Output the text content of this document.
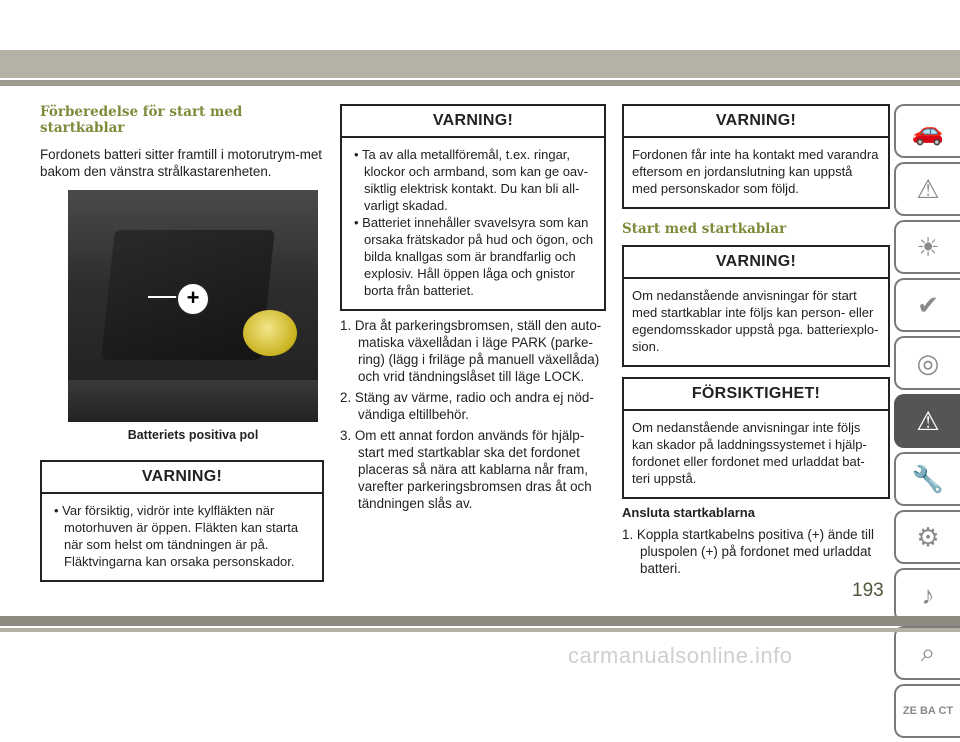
Förberedelse för start med startkablar

Fordonets batteri sitter framtill i motorutrym-met bakom den vänstra strålkastarenheten.

+
Batteriets positiva pol
VARNING!
• Var försiktig, vidrör inte kylfläkten när motorhuven är öppen. Fläkten kan starta när som helst om tändningen är på. Fläktvingarna kan orsaka personskador.
VARNING!
• Ta av alla metallföremål, t.ex. ringar, klockor och armband, som kan ge oav-siktlig elektrisk kontakt. Du kan bli all-varligt skadad.
• Batteriet innehåller svavelsyra som kan orsaka frätskador på hud och ögon, och bilda knallgas som är brandfarlig och explosiv. Håll öppen låga och gnistor borta från batteriet.
1. Dra åt parkeringsbromsen, ställ den auto-matiska växellådan i läge PARK (parke-ring) (lägg i friläge på manuell växellåda) och vrid tändningslåset till läge LOCK.
2. Stäng av värme, radio och andra ej nöd-vändiga eltillbehör.
3. Om ett annat fordon används för hjälp-start med startkablar ska det fordonet placeras så nära att kablarna når fram, varefter parkeringsbromsen dras åt och tändningen slås av.
VARNING!
Fordonen får inte ha kontakt med varandra eftersom en jordanslutning kan uppstå med personskador som följd.
Start med startkablar
VARNING!
Om nedanstående anvisningar för start med startkablar inte följs kan person- eller egendomsskador uppstå pga. batteriexplo-sion.
FÖRSIKTIGHET!
Om nedanstående anvisningar inte följs kan skador på laddningssystemet i hjälp-fordonet eller fordonet med urladdat bat-teri uppstå.
Ansluta startkablarna
1. Koppla startkabelns positiva (+) ände till pluspolen (+) på fordonet med urladdat batteri.
🚗
⚠
☀
✔
◎
⚠
🔧
⚙
♪
⌕
ZE BA CT
193
carmanualsonline.info
